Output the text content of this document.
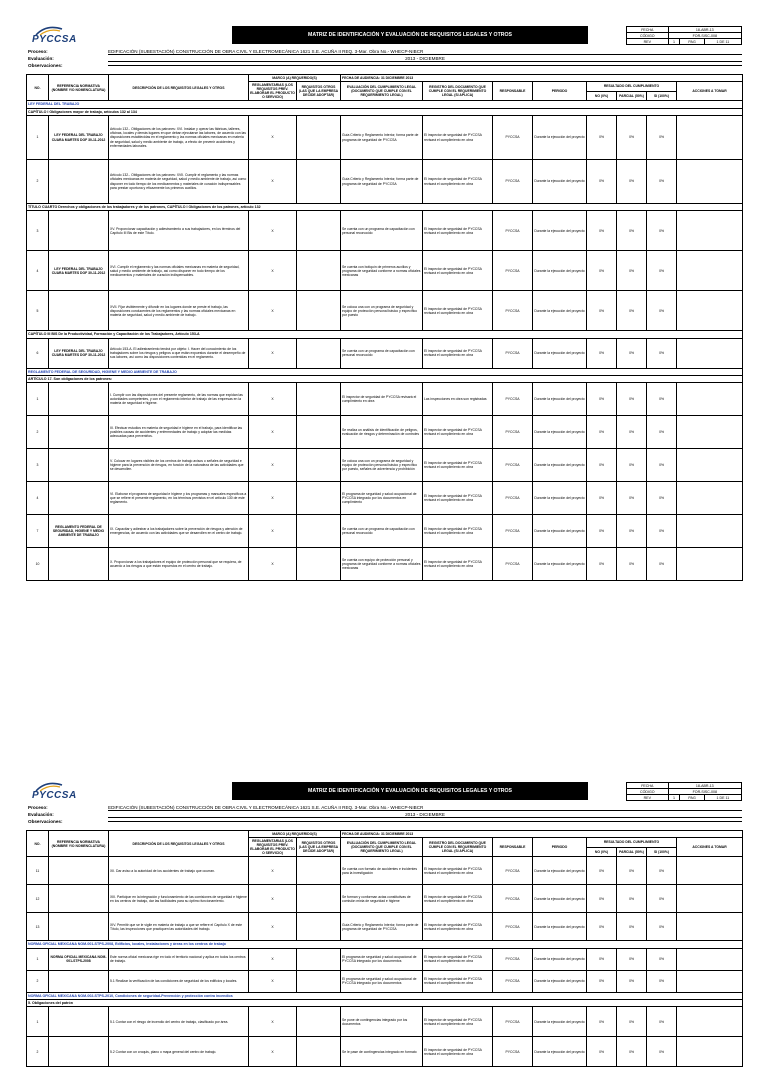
PYCCSA	MATRIZ DE IDENTIFICACIÓN Y EVALUACIÓN DE REQUISITOS LEGALES Y OTROS
FECHA	18-ABR-13		
CÓDIGO	FOR-SISC-008		
REV	1	PAG	1 DE 11
Proceso:	EDIFICACIÓN (SUBESTACIÓN) CONSTRUCCIÓN DE OBRA CIVIL Y ELECTROMECÁNICA 1621 S.E. ACUÑA II REQ. 3-Mar. Obra No.- WHECP-NIBCR
Evaluación:	2013 - DICIEMBRE
Observaciones:
NO.	REFERENCIA NORMATIVA (NOMBRE Y/O NOMENCLATURA)	DESCRIPCIÓN DE LOS REQUISITOS LEGALES Y OTROS	MARCO (A) REQUERIDO(S)		FECHA DE AUDIENCIA: 31 DICIEMBRE 2013							
			REGLAMENTARIAS (LOS REQUISITOS PREV. ELABORAR EL PRODUCTO O SERVICIO)	REQUISITOS OTROS (LAS QUE LA EMPRESA DECIDE ADOPTAR)	EVALUACIÓN DEL CUMPLIMIENTO LEGAL (DOCUMENTO QUE CUMPLE CON EL REQUERIMIENTO LEGAL)	REGISTRO DEL DOCUMENTO QUE CUMPLE CON EL REQUERIMIENTO LEGAL (SI APLICA)	RESPONSABLE	PERIODO	RESULTADO DEL CUMPLIMIENTO			ACCIONES A TOMAR
									NO (0%)	PARCIAL (50%)	SI (100%)	
LEY FEDERAL DEL TRABAJO												
CAPÍTULO I Obligaciones mayor de trabajo, artículos 132 al 134												
1	LEY FEDERAL DEL TRABAJO CUARA MARTES DOF 30-11-2012	Artículo 132.- Obligaciones de los patrones: XVI. Instalar y operar las fábricas, talleres, oficinas, locales y demás lugares en que deban ejecutarse las labores, de acuerdo con las disposiciones establecidas en el reglamento y las normas oficiales mexicanas en materia de seguridad, salud y medio ambiente de trabajo, a efecto de prevenir accidentes y enfermedades laborales.	X		Guía Criterio y Reglamento Interior, forma parte de programa de seguridad de PYCCSA	El inspector de seguridad de PYCCSA revisará el cumplimiento en obra	PYCCSA	Durante la ejecución del proyecto	0%	0%	0%	
2		Artículo 132.- Obligaciones de los patrones: XVII. Cumplir el reglamento y las normas oficiales mexicanas en materia de seguridad, salud y medio ambiente de trabajo, así como disponer en todo tiempo de los medicamentos y materiales de curación indispensables para prestar oportuna y eficazmente los primeros auxilios.	X		Guía Criterio y Reglamento Interior, forma parte de programa de seguridad de PYCCSA	El inspector de seguridad de PYCCSA revisará el cumplimiento en obra	PYCCSA	Durante la ejecución del proyecto	0%	0%	0%	
TÍTULO CUARTO Derechos y obligaciones de los trabajadores y de los patrones, CAPÍTULO I Obligaciones de los patrones, artículo 132												
3		XV. Proporcionar capacitación y adiestramiento a sus trabajadores, en los términos del Capítulo III Bis de este Título.	X		Se cuenta con un programa de capacitación con personal reconocido	El inspector de seguridad de PYCCSA revisará el cumplimiento en obra	PYCCSA	Durante la ejecución del proyecto	0%	0%	0%	
4	LEY FEDERAL DEL TRABAJO CUARA MARTES DOF 30-11-2012	XVI. Cumplir el reglamento y las normas oficiales mexicanas en materia de seguridad, salud y medio ambiente de trabajo, así como disponer en todo tiempo de los medicamentos y materiales de curación indispensables.	X		Se cuenta con botiquín de primeros auxilios y programa de seguridad conforme a normas oficiales mexicanas	El inspector de seguridad de PYCCSA revisará el cumplimiento en obra	PYCCSA	Durante la ejecución del proyecto	0%	0%	0%	
5		XVII. Fijar visiblemente y difundir en los lugares donde se preste el trabajo, las disposiciones conducentes de los reglamentos y las normas oficiales mexicanas en materia de seguridad, salud y medio ambiente de trabajo.	X		Se coloca una con un programa de seguridad y equipo de protección personal básico y específico por puesto	El inspector de seguridad de PYCCSA revisará el cumplimiento en obra	PYCCSA	Durante la ejecución del proyecto	0%	0%	0%	
CAPÍTULO III BIS De la Productividad, Formación y Capacitación de los Trabajadores, Artículo 153-A												
6	LEY FEDERAL DEL TRABAJO CUARA MARTES DOF 30-11-2012	Artículo 153-A. El adiestramiento tendrá por objeto: I. Hacer del conocimiento de los trabajadores sobre los riesgos y peligros a que están expuestos durante el desempeño de sus labores, así como las disposiciones contenidas en el reglamento.	X		Se cuenta con un programa de capacitación con personal reconocido	El inspector de seguridad de PYCCSA revisará el cumplimiento en obra	PYCCSA	Durante la ejecución del proyecto	0%	0%	0%	
REGLAMENTO FEDERAL DE SEGURIDAD, HIGIENE Y MEDIO AMBIENTE DE TRABAJO												
ARTÍCULO 17. Son obligaciones de los patrones:												
1		I. Cumplir con las disposiciones del presente reglamento, de las normas que expidan las autoridades competentes, y con el reglamento interior de trabajo de las empresas en la materia de seguridad e higiene.	X		El inspector de seguridad de PYCCSA revisará el cumplimiento en obra	Las inspecciones en obra son registradas	PYCCSA	Durante la ejecución del proyecto	0%	0%	0%	
2		III. Efectuar estudios en materia de seguridad e higiene en el trabajo, para identificar las posibles causas de accidentes y enfermedades de trabajo y adoptar las medidas adecuadas para prevenirlos.	X		Se realiza un análisis de identificación de peligros, evaluación de riesgos y determinación de controles	El inspector de seguridad de PYCCSA revisará el cumplimiento en obra	PYCCSA	Durante la ejecución del proyecto	0%	0%	0%	
3		V. Colocar en lugares visibles de los centros de trabajo avisos o señales de seguridad e higiene para la prevención de riesgos, en función de la naturaleza de las actividades que se desarrollen.	X		Se coloca una con un programa de seguridad y equipo de protección personal básico y específico por puesto, señales de advertencia y prohibición	El inspector de seguridad de PYCCSA revisará el cumplimiento en obra	PYCCSA	Durante la ejecución del proyecto	0%	0%	0%	
4		VI. Elaborar el programa de seguridad e higiene y los programas y manuales específicos a que se refiere el presente reglamento, en los términos previstos en el artículo 130 de este reglamento.	X		El programa de seguridad y salud ocupacional de PYCCSA integrado por los documentos en cumplimiento	El inspector de seguridad de PYCCSA revisará el cumplimiento en obra	PYCCSA	Durante la ejecución del proyecto	0%	0%	0%	
7	REGLAMENTO FEDERAL DE SEGURIDAD, HIGIENE Y MEDIO AMBIENTE DE TRABAJO	IX. Capacitar y adiestrar a los trabajadores sobre la prevención de riesgos y atención de emergencias, de acuerdo con las actividades que se desarrollen en el centro de trabajo.	X		Se cuenta con un programa de capacitación con personal reconocido	El inspector de seguridad de PYCCSA revisará el cumplimiento en obra	PYCCSA	Durante la ejecución del proyecto	0%	0%	0%	
10		X. Proporcionar a los trabajadores el equipo de protección personal que se requiera, de acuerdo a los riesgos a que están expuestos en el centro de trabajo.	X		Se cuenta con equipo de protección personal y programa de seguridad conforme a normas oficiales mexicanas	El inspector de seguridad de PYCCSA revisará el cumplimiento en obra	PYCCSA	Durante la ejecución del proyecto	0%	0%	0%	
PYCCSA	MATRIZ DE IDENTIFICACIÓN Y EVALUACIÓN DE REQUISITOS LEGALES Y OTROS
FECHA	18-ABR-13		
CÓDIGO	FOR-SISC-008		
REV	1	PAG	1 DE 11
Proceso:	EDIFICACIÓN (SUBESTACIÓN) CONSTRUCCIÓN DE OBRA CIVIL Y ELECTROMECÁNICA 1621 S.E. ACUÑA II REQ. 3-Mar. Obra No.- WHECP-NIBCR
Evaluación:	2013 - DICIEMBRE
Observaciones:
NO.	REFERENCIA NORMATIVA (NOMBRE Y/O NOMENCLATURA)	DESCRIPCIÓN DE LOS REQUISITOS LEGALES Y OTROS	MARCO (A) REQUERIDO(S)		FECHA DE AUDIENCIA: 31 DICIEMBRE 2013							
			REGLAMENTARIAS (LOS REQUISITOS PREV. ELABORAR EL PRODUCTO O SERVICIO)	REQUISITOS OTROS (LAS QUE LA EMPRESA DECIDE ADOPTAR)	EVALUACIÓN DEL CUMPLIMIENTO LEGAL (DOCUMENTO QUE CUMPLE CON EL REQUERIMIENTO LEGAL)	REGISTRO DEL DOCUMENTO QUE CUMPLE CON EL REQUERIMIENTO LEGAL (SI APLICA)	RESPONSABLE	PERIODO	RESULTADO DEL CUMPLIMIENTO			ACCIONES A TOMAR
									NO (0%)	PARCIAL (50%)	SI (100%)	
11		XII. Dar aviso a la autoridad de los accidentes de trabajo que ocurran.	X		Se cuenta con formato de accidentes e incidentes para la investigación	El inspector de seguridad de PYCCSA revisará el cumplimiento en obra	PYCCSA	Durante la ejecución del proyecto	0%	0%	0%	
12		XIII. Participar en la integración y funcionamiento de las comisiones de seguridad e higiene en los centros de trabajo, dar las facilidades para su óptimo funcionamiento.	X		Se forman y conforman actas constitutivas de comisión mixta de seguridad e higiene	El inspector de seguridad de PYCCSA revisará el cumplimiento en obra	PYCCSA	Durante la ejecución del proyecto	0%	0%	0%	
13		XIV. Permitir que se le vigile en materia de trabajo a que se refiere el Capítulo X de este Título, las inspecciones que practiquen las autoridades del trabajo.	X		Guía Criterio y Reglamento Interior, forma parte de programa de seguridad de PYCCSA	El inspector de seguridad de PYCCSA revisará el cumplimiento en obra	PYCCSA	Durante la ejecución del proyecto	0%	0%	0%	
NORMA OFICIAL MEXICANA NOM-001-STPS-2008, Edificios, locales, instalaciones y áreas en los centros de trabajo												
1	NORMA OFICIAL MEXICANA NOM-001-STPS-2008	Este norma oficial mexicana rige en todo el territorio nacional y aplica en todos los centros de trabajo.	X		El programa de seguridad y salud ocupacional de PYCCSA integrado por los documentos	El inspector de seguridad de PYCCSA revisará el cumplimiento en obra	PYCCSA	Durante la ejecución del proyecto	0%	0%	0%	
2		5.1 Realizar la verificación de las condiciones de seguridad de los edificios y locales.	X		El programa de seguridad y salud ocupacional de PYCCSA integrado por los documentos	El inspector de seguridad de PYCCSA revisará el cumplimiento en obra	PYCCSA	Durante la ejecución del proyecto	0%	0%	0%	
NORMA OFICIAL MEXICANA NOM-002-STPS-2010, Condiciones de seguridad-Prevención y protección contra incendios												
5. Obligaciones del patrón												
1		5.1 Contar con el riesgo de incendio del centro de trabajo, clasificado por área.	X		Se pone de contingencias integrado por los documentos	El inspector de seguridad de PYCCSA revisará el cumplimiento en obra	PYCCSA	Durante la ejecución del proyecto	0%	0%	0%	
2		5.2 Contar con un croquis, plano o mapa general del centro de trabajo.	X		Se le pase de contingencias integrado en formato	El inspector de seguridad de PYCCSA revisará el cumplimiento en obra	PYCCSA	Durante la ejecución del proyecto	0%	0%	0%	
